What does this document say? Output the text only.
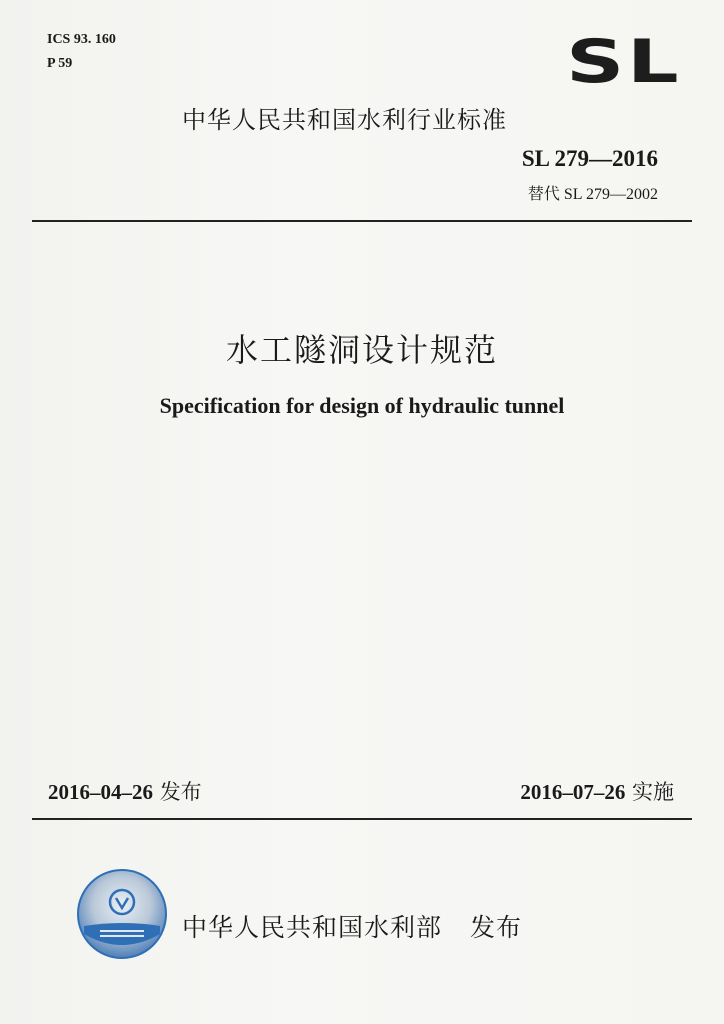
ICS 93. 160
P 59	SL
中华人民共和国水利行业标准
SL 279—2016
替代 SL 279—2002
水工隧洞设计规范
Specification for design of hydraulic tunnel
2016–04–26 发布	2016–07–26 实施
中华人民共和国水利部 发布
